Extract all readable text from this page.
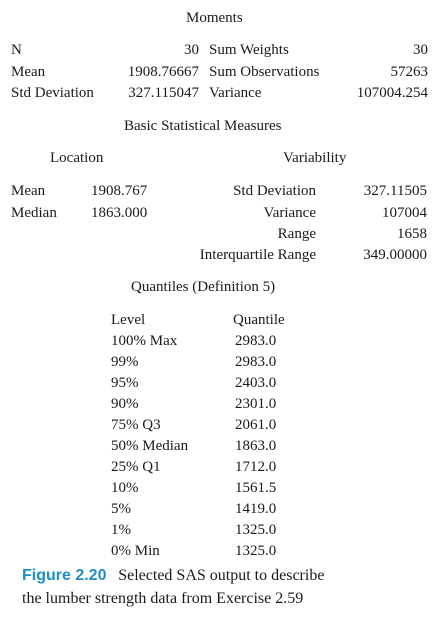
Moments
N	30 Sum Weights	30
Mean	1908.76667 Sum Observations	57263
Std Deviation 327.115047 Variance	107004.254
Basic Statistical Measures
Location	Variability
Mean	1908.767	Std Deviation	327.11505
Median 1863.000	Variance	107004
Range	1658
Interquartile Range	349.00000
Quantiles (Definition 5)
Level	Quantile
100% Max	2983.0
99%	2983.0
95%	2403.0
90%	2301.0
75% Q3	2061.0
50% Median	1863.0
25% Q1	1712.0
10%	1561.5
5%	1419.0
1%	1325.0
0% Min	1325.0
Figure 2.20 Selected SAS output to describe
the lumber strength data from Exercise 2.59
